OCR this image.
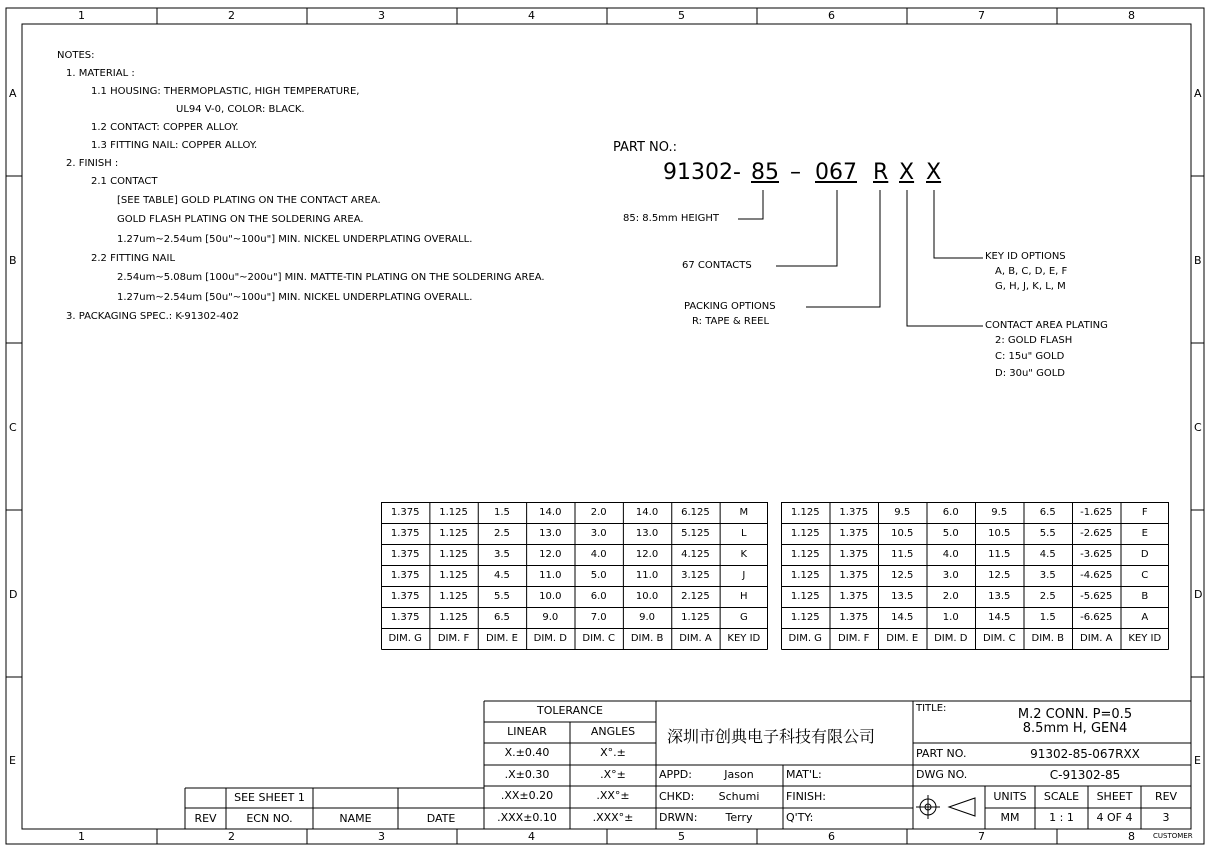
1	2	3	4	5	6	7	8
1	2	3	4	5	6	7	8
A
B
C
D
E
A
B
C
D
E
NOTES:
1. MATERIAL :
1.1 HOUSING: THERMOPLASTIC, HIGH TEMPERATURE,
UL94 V-0, COLOR: BLACK.
1.2 CONTACT: COPPER ALLOY.
1.3 FITTING NAIL: COPPER ALLOY.
2. FINISH :
2.1 CONTACT
[SEE TABLE] GOLD PLATING ON THE CONTACT AREA.
GOLD FLASH PLATING ON THE SOLDERING AREA.
1.27um~2.54um [50u"~100u"] MIN. NICKEL UNDERPLATING OVERALL.
2.2 FITTING NAIL
2.54um~5.08um [100u"~200u"] MIN. MATTE-TIN PLATING ON THE SOLDERING AREA.
1.27um~2.54um [50u"~100u"] MIN. NICKEL UNDERPLATING OVERALL.
3. PACKAGING SPEC.: K-91302-402
PART NO.:
91302- 85 – 067 R X X
85: 8.5mm HEIGHT
67 CONTACTS
PACKING OPTIONS
R: TAPE & REEL
KEY ID OPTIONS
A, B, C, D, E, F
G, H, J, K, L, M
CONTACT AREA PLATING
2: GOLD FLASH
C: 15u" GOLD
D: 30u" GOLD
1.375	1.125	1.5	14.0	2.0	14.0	6.125	M
1.375	1.125	2.5	13.0	3.0	13.0	5.125	L
1.375	1.125	3.5	12.0	4.0	12.0	4.125	K
1.375	1.125	4.5	11.0	5.0	11.0	3.125	J
1.375	1.125	5.5	10.0	6.0	10.0	2.125	H
1.375	1.125	6.5	9.0	7.0	9.0	1.125	G
DIM. G	DIM. F	DIM. E	DIM. D	DIM. C	DIM. B	DIM. A	KEY ID
1.125	1.375	9.5	6.0	9.5	6.5	-1.625	F
1.125	1.375	10.5	5.0	10.5	5.5	-2.625	E
1.125	1.375	11.5	4.0	11.5	4.5	-3.625	D
1.125	1.375	12.5	3.0	12.5	3.5	-4.625	C
1.125	1.375	13.5	2.0	13.5	2.5	-5.625	B
1.125	1.375	14.5	1.0	14.5	1.5	-6.625	A
DIM. G	DIM. F	DIM. E	DIM. D	DIM. C	DIM. B	DIM. A	KEY ID
SEE SHEET 1
REV	ECN NO.	NAME	DATE
TOLERANCE
LINEAR	ANGLES
X.±0.40	X°.±
.X±0.30	.X°±
.XX±0.20	.XX°±
.XXX±0.10	.XXX°±
深圳市创典电子科技有限公司
APPD:	Jason
CHKD:	Schumi
DRWN:	Terry
MAT'L:
FINISH:
Q'TY:
TITLE:	M.2 CONN. P=0.5
8.5mm H, GEN4
PART NO.	91302-85-067RXX
DWG NO.	C-91302-85
UNITS	SCALE	SHEET	REV
MM	1 : 1	4 OF 4	3
CUSTOMER
